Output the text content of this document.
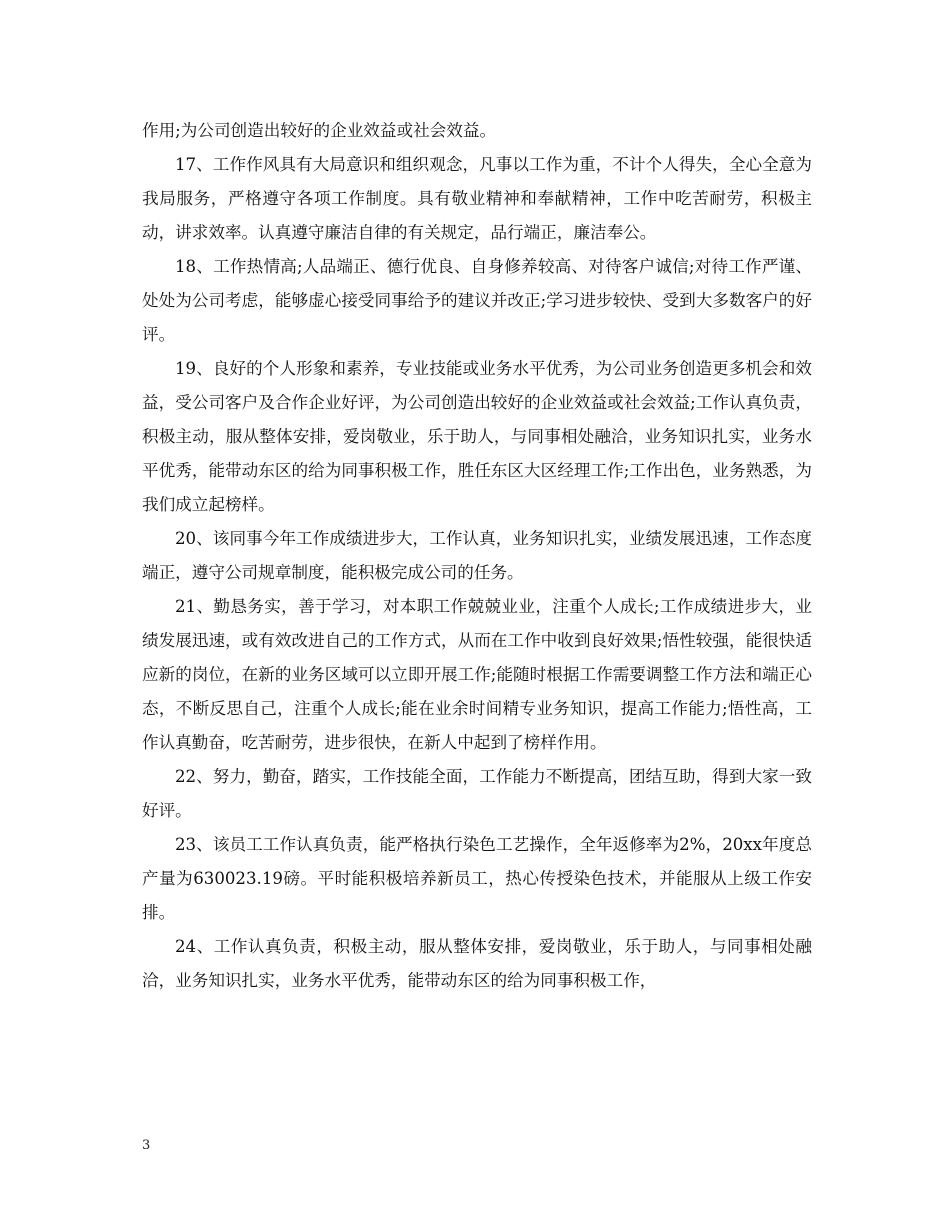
作用;为公司创造出较好的企业效益或社会效益。

17、工作作风具有大局意识和组织观念，凡事以工作为重，不计个人得失，全心全意为我局服务，严格遵守各项工作制度。具有敬业精神和奉献精神，工作中吃苦耐劳，积极主动，讲求效率。认真遵守廉洁自律的有关规定，品行端正，廉洁奉公。

18、工作热情高;人品端正、德行优良、自身修养较高、对待客户诚信;对待工作严谨、处处为公司考虑，能够虚心接受同事给予的建议并改正;学习进步较快、受到大多数客户的好评。

19、良好的个人形象和素养，专业技能或业务水平优秀，为公司业务创造更多机会和效益，受公司客户及合作企业好评，为公司创造出较好的企业效益或社会效益;工作认真负责，积极主动，服从整体安排，爱岗敬业，乐于助人，与同事相处融洽，业务知识扎实，业务水平优秀，能带动东区的给为同事积极工作，胜任东区大区经理工作;工作出色，业务熟悉，为我们成立起榜样。

20、该同事今年工作成绩进步大，工作认真，业务知识扎实，业绩发展迅速，工作态度端正，遵守公司规章制度，能积极完成公司的任务。

21、勤恳务实，善于学习，对本职工作兢兢业业，注重个人成长;工作成绩进步大，业绩发展迅速，或有效改进自己的工作方式，从而在工作中收到良好效果;悟性较强，能很快适应新的岗位，在新的业务区域可以立即开展工作;能随时根据工作需要调整工作方法和端正心态，不断反思自己，注重个人成长;能在业余时间精专业务知识，提高工作能力;悟性高，工作认真勤奋，吃苦耐劳，进步很快，在新人中起到了榜样作用。

22、努力，勤奋，踏实，工作技能全面，工作能力不断提高，团结互助，得到大家一致好评。

23、该员工工作认真负责，能严格执行染色工艺操作，全年返修率为2%，20xx年度总产量为630023.19磅。平时能积极培养新员工，热心传授染色技术，并能服从上级工作安排。

24、工作认真负责，积极主动，服从整体安排，爱岗敬业，乐于助人，与同事相处融洽，业务知识扎实，业务水平优秀，能带动东区的给为同事积极工作，

3
